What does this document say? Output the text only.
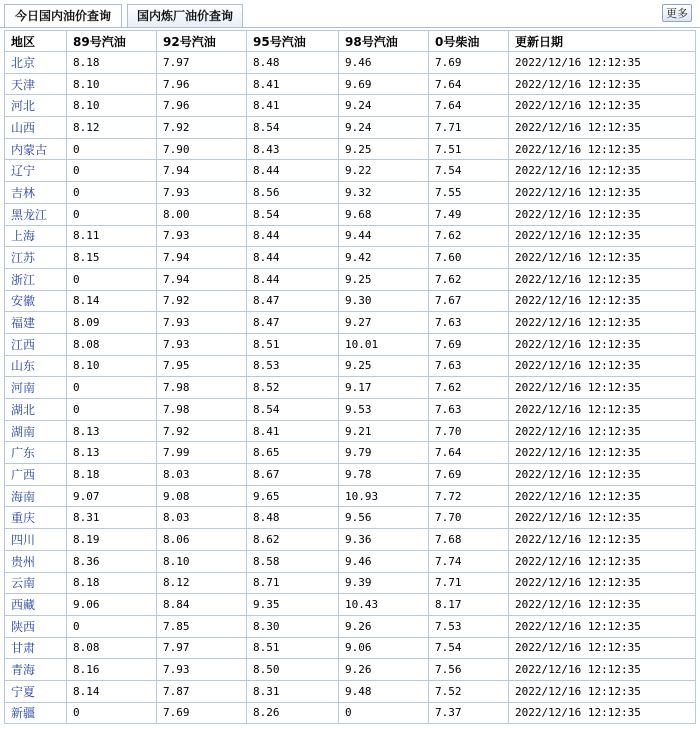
今日国内油价查询	国内炼厂油价查询	更多
地区	89号汽油	92号汽油	95号汽油	98号汽油	0号柴油	更新日期
北京	8.18	7.97	8.48	9.46	7.69	2022/12/16 12:12:35
天津	8.10	7.96	8.41	9.69	7.64	2022/12/16 12:12:35
河北	8.10	7.96	8.41	9.24	7.64	2022/12/16 12:12:35
山西	8.12	7.92	8.54	9.24	7.71	2022/12/16 12:12:35
内蒙古	0	7.90	8.43	9.25	7.51	2022/12/16 12:12:35
辽宁	0	7.94	8.44	9.22	7.54	2022/12/16 12:12:35
吉林	0	7.93	8.56	9.32	7.55	2022/12/16 12:12:35
黑龙江	0	8.00	8.54	9.68	7.49	2022/12/16 12:12:35
上海	8.11	7.93	8.44	9.44	7.62	2022/12/16 12:12:35
江苏	8.15	7.94	8.44	9.42	7.60	2022/12/16 12:12:35
浙江	0	7.94	8.44	9.25	7.62	2022/12/16 12:12:35
安徽	8.14	7.92	8.47	9.30	7.67	2022/12/16 12:12:35
福建	8.09	7.93	8.47	9.27	7.63	2022/12/16 12:12:35
江西	8.08	7.93	8.51	10.01	7.69	2022/12/16 12:12:35
山东	8.10	7.95	8.53	9.25	7.63	2022/12/16 12:12:35
河南	0	7.98	8.52	9.17	7.62	2022/12/16 12:12:35
湖北	0	7.98	8.54	9.53	7.63	2022/12/16 12:12:35
湖南	8.13	7.92	8.41	9.21	7.70	2022/12/16 12:12:35
广东	8.13	7.99	8.65	9.79	7.64	2022/12/16 12:12:35
广西	8.18	8.03	8.67	9.78	7.69	2022/12/16 12:12:35
海南	9.07	9.08	9.65	10.93	7.72	2022/12/16 12:12:35
重庆	8.31	8.03	8.48	9.56	7.70	2022/12/16 12:12:35
四川	8.19	8.06	8.62	9.36	7.68	2022/12/16 12:12:35
贵州	8.36	8.10	8.58	9.46	7.74	2022/12/16 12:12:35
云南	8.18	8.12	8.71	9.39	7.71	2022/12/16 12:12:35
西藏	9.06	8.84	9.35	10.43	8.17	2022/12/16 12:12:35
陕西	0	7.85	8.30	9.26	7.53	2022/12/16 12:12:35
甘肃	8.08	7.97	8.51	9.06	7.54	2022/12/16 12:12:35
青海	8.16	7.93	8.50	9.26	7.56	2022/12/16 12:12:35
宁夏	8.14	7.87	8.31	9.48	7.52	2022/12/16 12:12:35
新疆	0	7.69	8.26	0	7.37	2022/12/16 12:12:35
